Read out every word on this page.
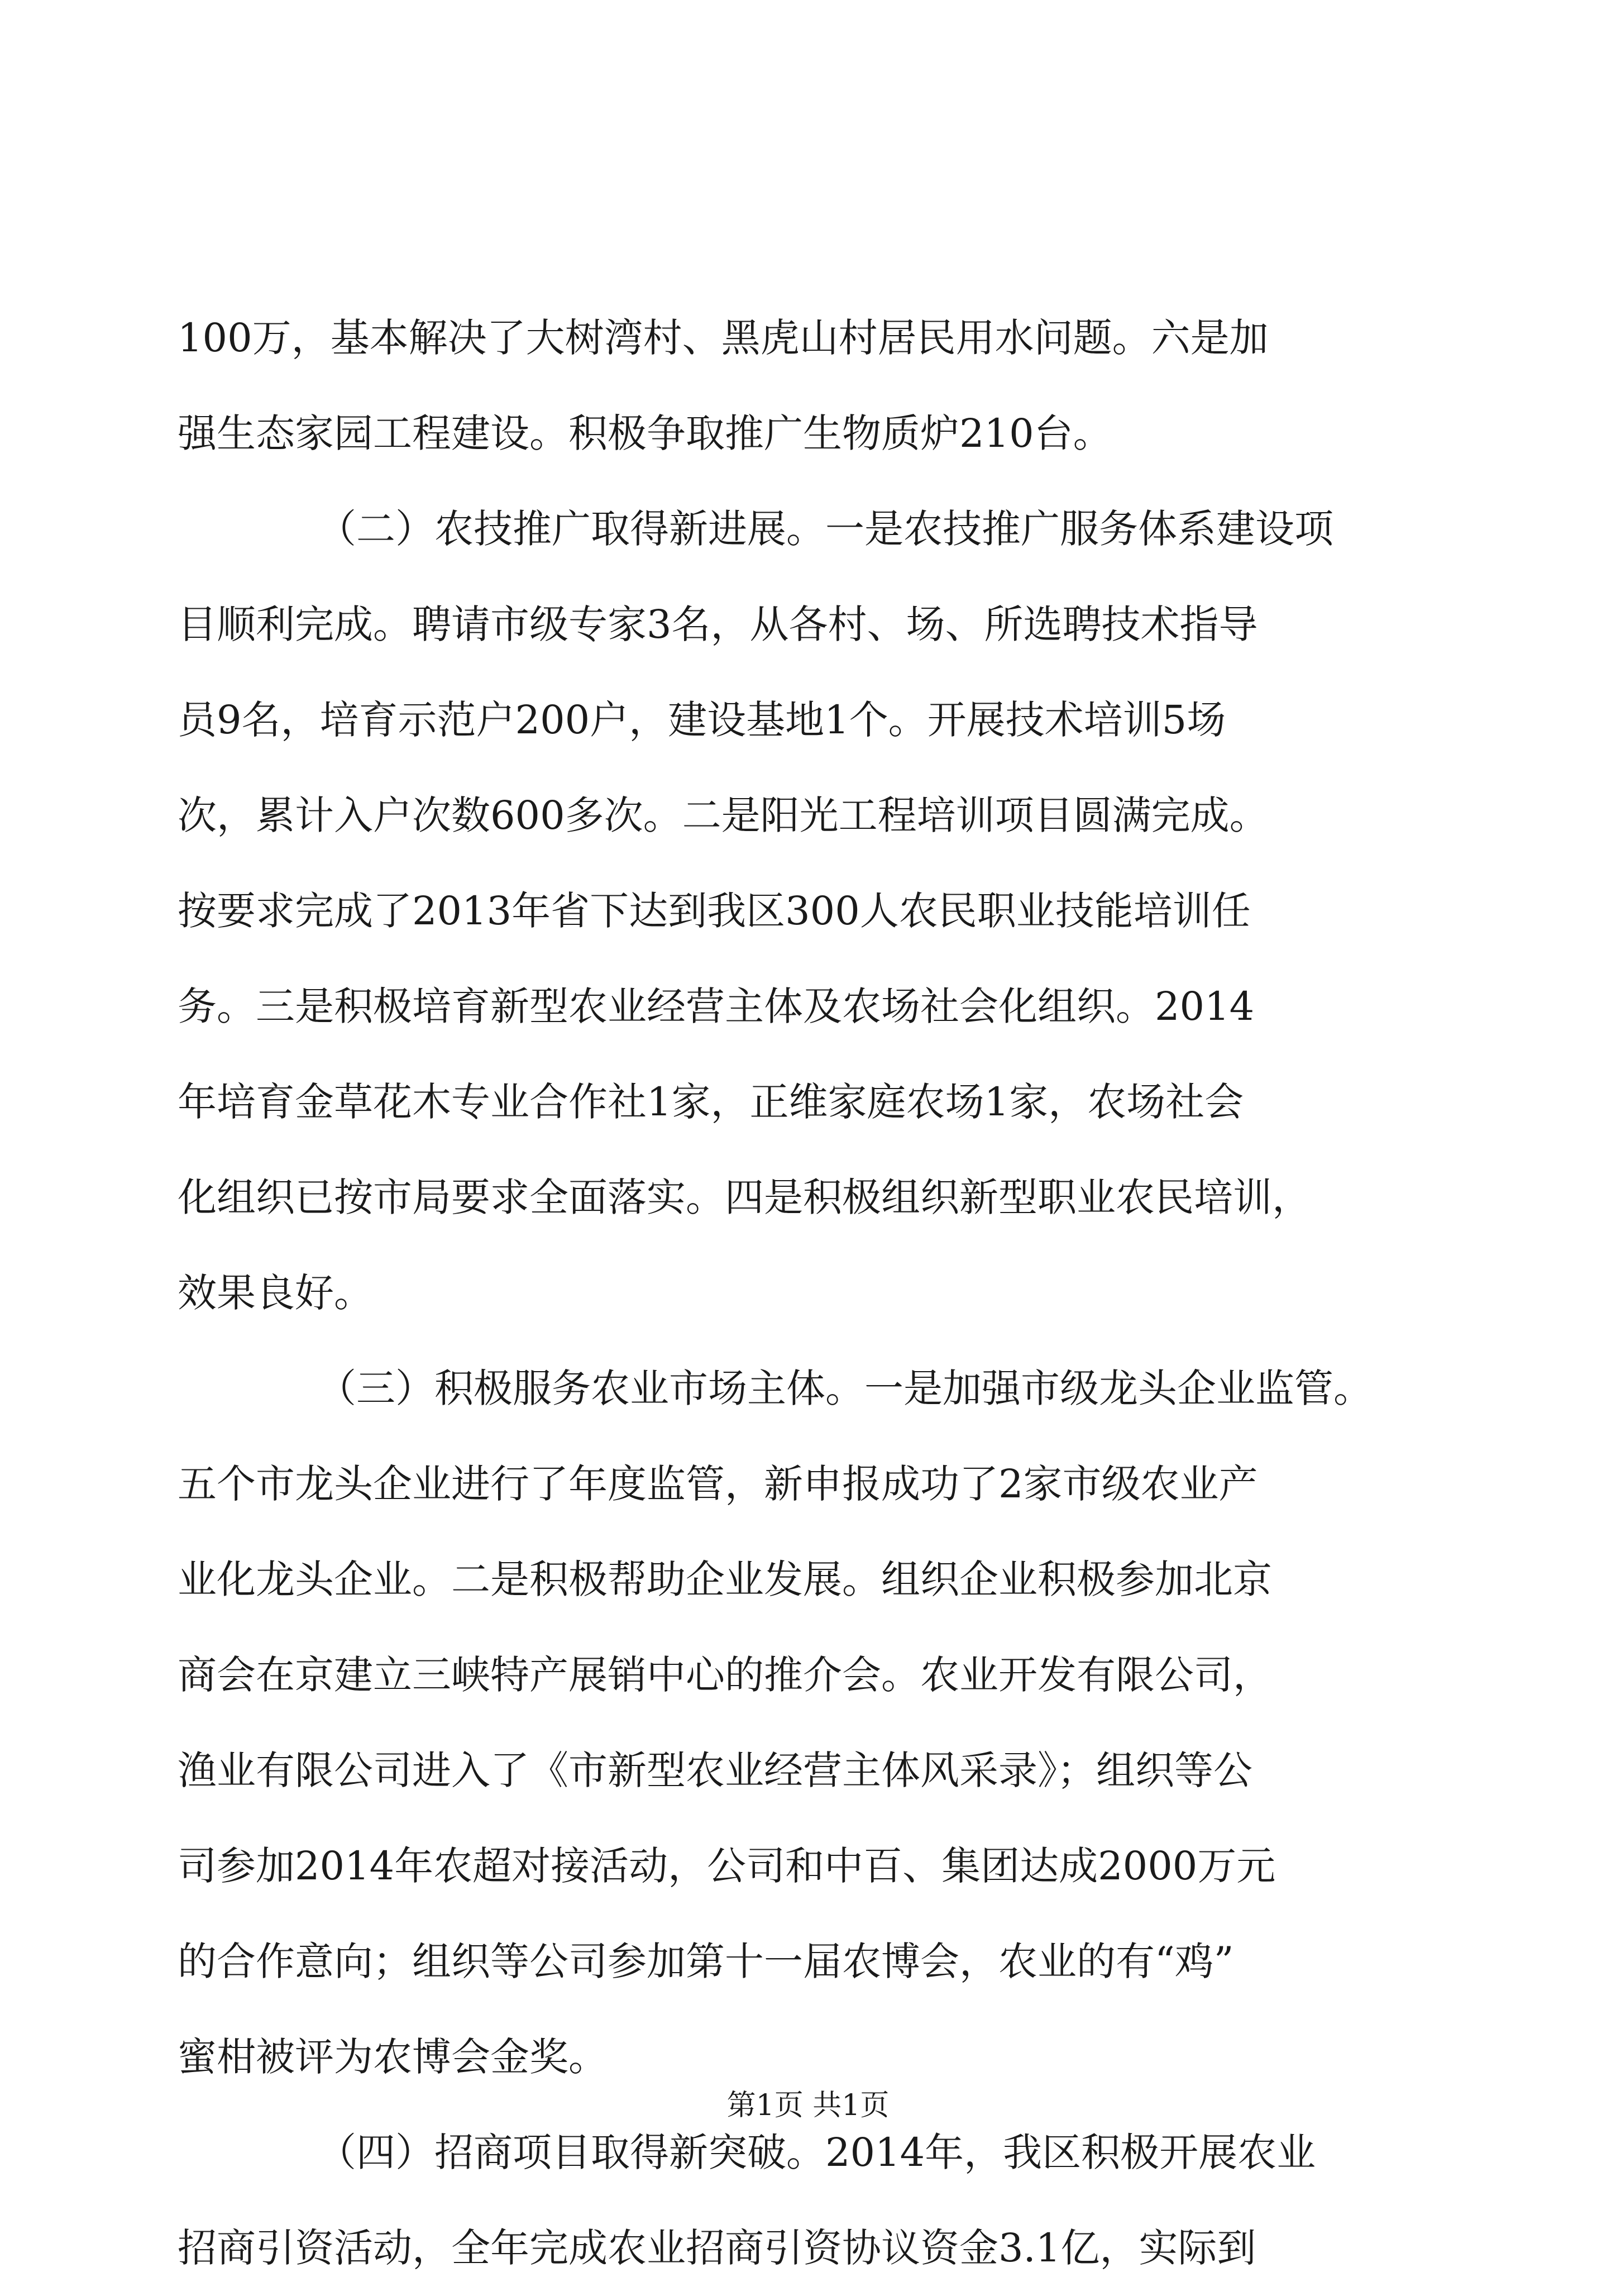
100万，基本解决了大树湾村、黑虎山村居民用水问题。六是加
强生态家园工程建设。积极争取推广生物质炉210台。
（二）农技推广取得新进展。一是农技推广服务体系建设项
目顺利完成。聘请市级专家3名，从各村、场、所选聘技术指导
员9名，培育示范户200户，建设基地1个。开展技术培训5场
次，累计入户次数600多次。二是阳光工程培训项目圆满完成。
按要求完成了2013年省下达到我区300人农民职业技能培训任
务。三是积极培育新型农业经营主体及农场社会化组织。2014
年培育金草花木专业合作社1家，正维家庭农场1家，农场社会
化组织已按市局要求全面落实。四是积极组织新型职业农民培训，
效果良好。
（三）积极服务农业市场主体。一是加强市级龙头企业监管。
五个市龙头企业进行了年度监管，新申报成功了2家市级农业产
业化龙头企业。二是积极帮助企业发展。组织企业积极参加北京
商会在京建立三峡特产展销中心的推介会。农业开发有限公司，
渔业有限公司进入了《市新型农业经营主体风采录》；组织等公
司参加2014年农超对接活动，公司和中百、集团达成2000万元
的合作意向；组织等公司参加第十一届农博会，农业的有“鸡”
蜜柑被评为农博会金奖。
（四）招商项目取得新突破。2014年，我区积极开展农业
招商引资活动，全年完成农业招商引资协议资金3.1亿，实际到
第1页 共1页
